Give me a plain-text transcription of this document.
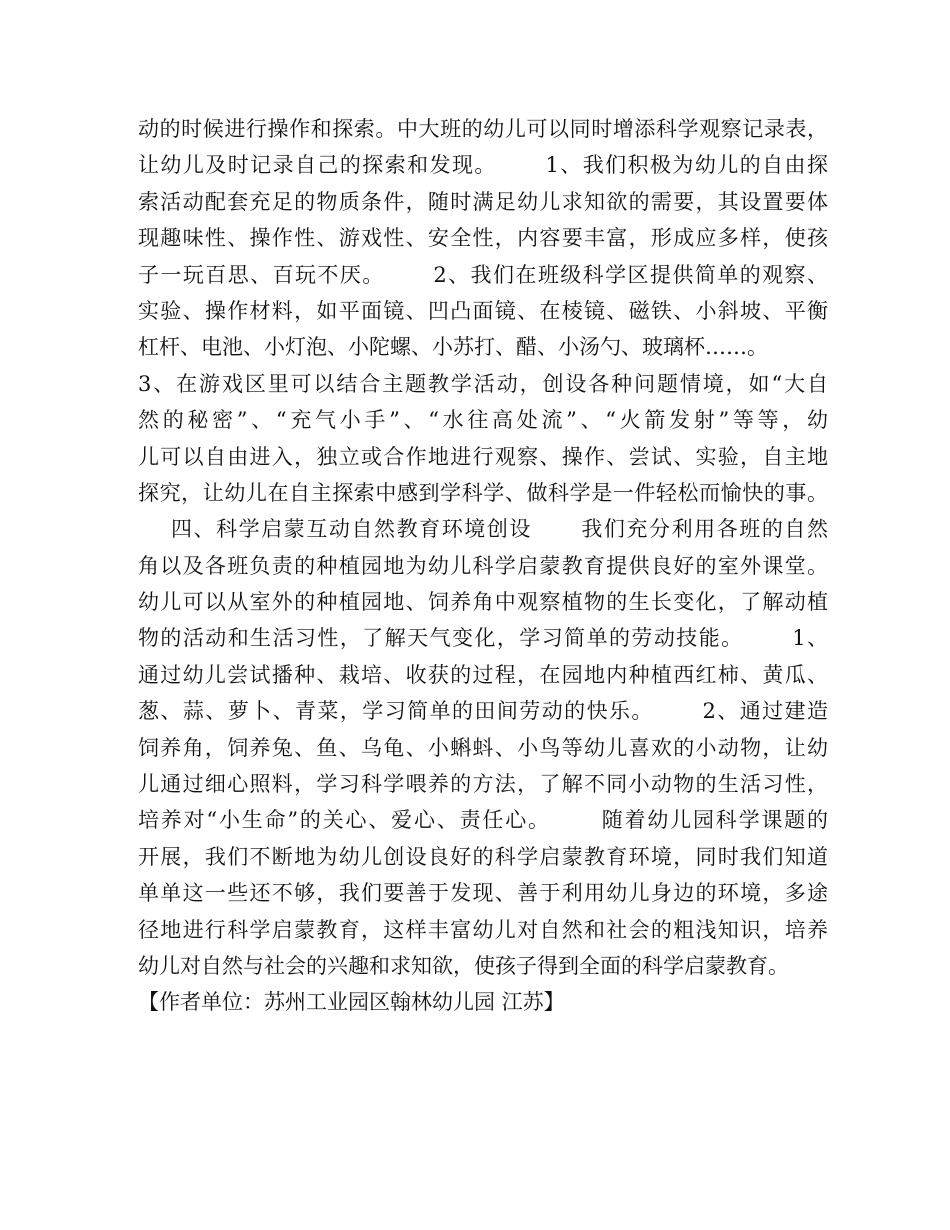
动的时候进行操作和探索。中大班的幼儿可以同时增添科学观察记录表，
让幼儿及时记录自己的探索和发现。      1、我们积极为幼儿的自由探
索活动配套充足的物质条件，随时满足幼儿求知欲的需要，其设置要体
现趣味性、操作性、游戏性、安全性，内容要丰富，形成应多样，使孩
子一玩百思、百玩不厌。      2、我们在班级科学区提供简单的观察、
实验、操作材料，如平面镜、凹凸面镜、在棱镜、磁铁、小斜坡、平衡
杠杆、电池、小灯泡、小陀螺、小苏打、醋、小汤勺、玻璃杯……。
3、在游戏区里可以结合主题教学活动，创设各种问题情境，如“大自
然的秘密”、“充气小手”、“水往高处流”、“火箭发射”等等，幼
儿可以自由进入，独立或合作地进行观察、操作、尝试、实验，自主地
探究，让幼儿在自主探索中感到学科学、做科学是一件轻松而愉快的事。
四、科学启蒙互动自然教育环境创设      我们充分利用各班的自然
角以及各班负责的种植园地为幼儿科学启蒙教育提供良好的室外课堂。
幼儿可以从室外的种植园地、饲养角中观察植物的生长变化，了解动植
物的活动和生活习性，了解天气变化，学习简单的劳动技能。      1、
通过幼儿尝试播种、栽培、收获的过程，在园地内种植西红柿、黄瓜、
葱、蒜、萝卜、青菜，学习简单的田间劳动的快乐。      2、通过建造
饲养角，饲养兔、鱼、乌龟、小蝌蚪、小鸟等幼儿喜欢的小动物，让幼
儿通过细心照料，学习科学喂养的方法，了解不同小动物的生活习性，
培养对“小生命”的关心、爱心、责任心。      随着幼儿园科学课题的
开展，我们不断地为幼儿创设良好的科学启蒙教育环境，同时我们知道
单单这一些还不够，我们要善于发现、善于利用幼儿身边的环境，多途
径地进行科学启蒙教育，这样丰富幼儿对自然和社会的粗浅知识，培养
幼儿对自然与社会的兴趣和求知欲，使孩子得到全面的科学启蒙教育。
【作者单位：苏州工业园区翰林幼儿园 江苏】
